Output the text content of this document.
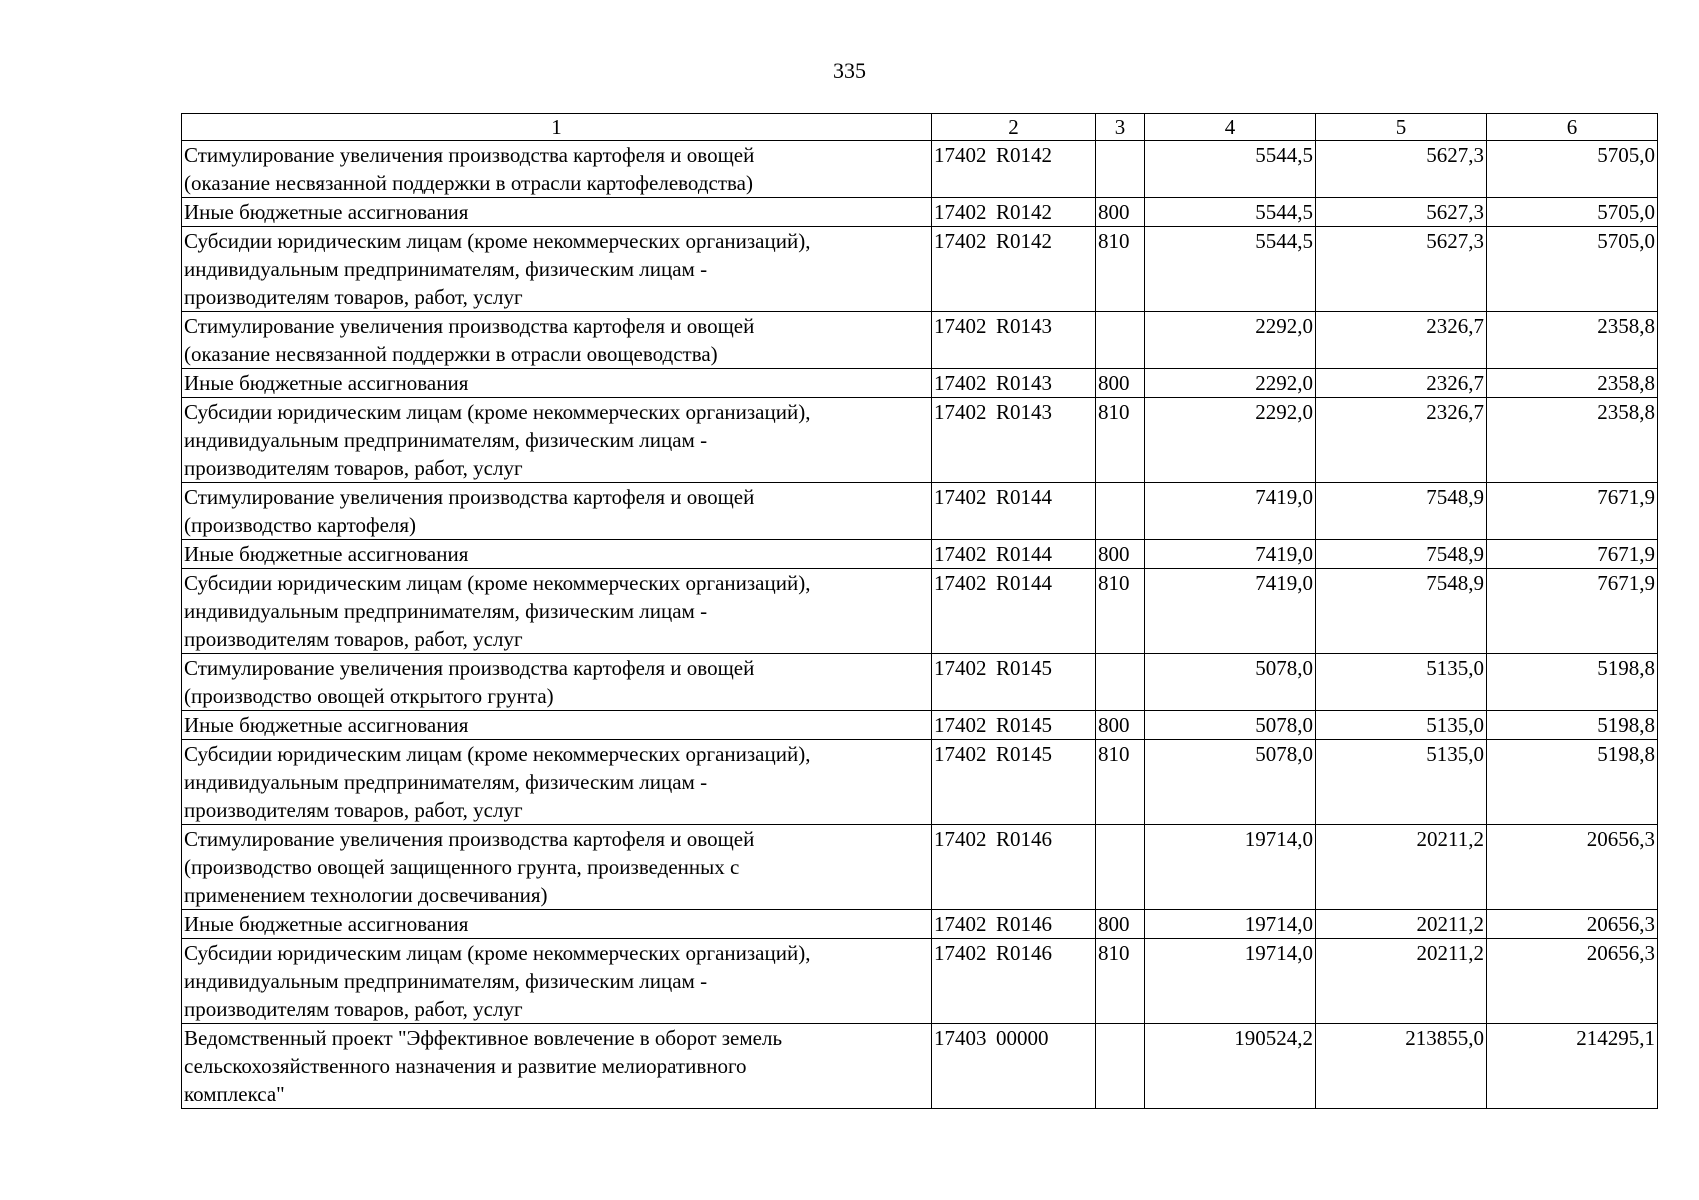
335
1	2	3	4	5	6

Стимулирование увеличения производства картофеля и овощей
(оказание несвязанной поддержки в отрасли картофелеводства)	17402 R0142		5544,5	5627,3	5705,0

Иные бюджетные ассигнования	17402 R0142	800	5544,5	5627,3	5705,0

Субсидии юридическим лицам (кроме некоммерческих организаций),
индивидуальным предпринимателям, физическим лицам -
производителям товаров, работ, услуг	17402 R0142	810	5544,5	5627,3	5705,0

Стимулирование увеличения производства картофеля и овощей
(оказание несвязанной поддержки в отрасли овощеводства)	17402 R0143		2292,0	2326,7	2358,8

Иные бюджетные ассигнования	17402 R0143	800	2292,0	2326,7	2358,8

Субсидии юридическим лицам (кроме некоммерческих организаций),
индивидуальным предпринимателям, физическим лицам -
производителям товаров, работ, услуг	17402 R0143	810	2292,0	2326,7	2358,8

Стимулирование увеличения производства картофеля и овощей
(производство картофеля)	17402 R0144		7419,0	7548,9	7671,9

Иные бюджетные ассигнования	17402 R0144	800	7419,0	7548,9	7671,9

Субсидии юридическим лицам (кроме некоммерческих организаций),
индивидуальным предпринимателям, физическим лицам -
производителям товаров, работ, услуг	17402 R0144	810	7419,0	7548,9	7671,9

Стимулирование увеличения производства картофеля и овощей
(производство овощей открытого грунта)	17402 R0145		5078,0	5135,0	5198,8

Иные бюджетные ассигнования	17402 R0145	800	5078,0	5135,0	5198,8

Субсидии юридическим лицам (кроме некоммерческих организаций),
индивидуальным предпринимателям, физическим лицам -
производителям товаров, работ, услуг	17402 R0145	810	5078,0	5135,0	5198,8

Стимулирование увеличения производства картофеля и овощей
(производство овощей защищенного грунта, произведенных с
применением технологии досвечивания)	17402 R0146		19714,0	20211,2	20656,3

Иные бюджетные ассигнования	17402 R0146	800	19714,0	20211,2	20656,3

Субсидии юридическим лицам (кроме некоммерческих организаций),
индивидуальным предпринимателям, физическим лицам -
производителям товаров, работ, услуг	17402 R0146	810	19714,0	20211,2	20656,3

Ведомственный проект "Эффективное вовлечение в оборот земель
сельскохозяйственного назначения и развитие мелиоративного
комплекса"	17403 00000		190524,2	213855,0	214295,1
